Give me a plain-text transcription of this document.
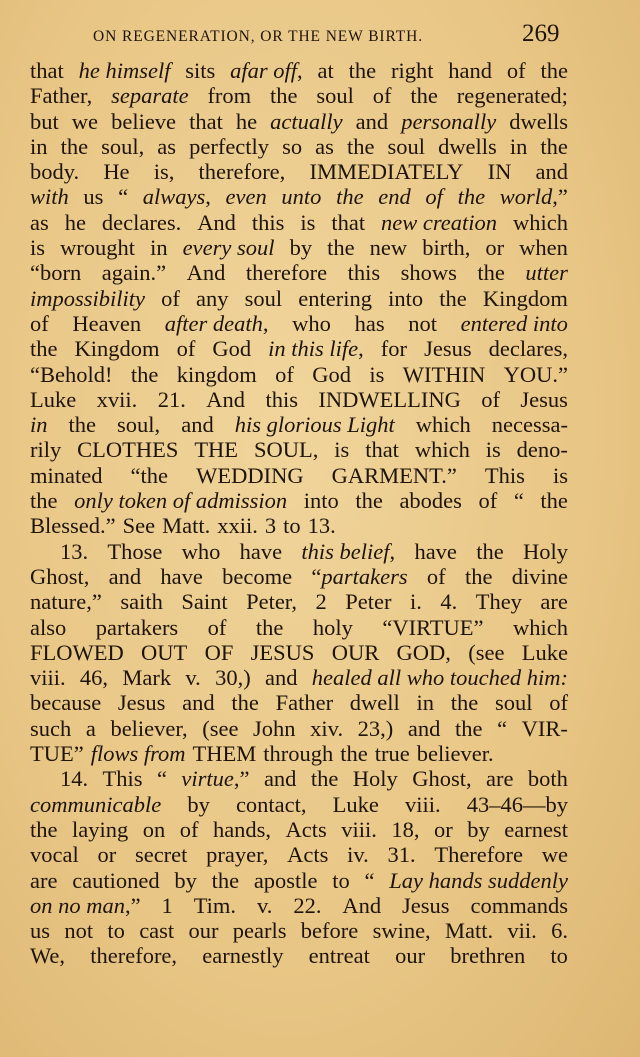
ON REGENERATION, OR THE NEW BIRTH.	269
that he himself sits afar off, at the right hand of the
Father, separate from the soul of the regenerated;
but we believe that he actually and personally dwells
in the soul, as perfectly so as the soul dwells in the
body. He is, therefore, IMMEDIATELY IN and
with us “ always, even unto the end of the world,”
as he declares. And this is that new creation which
is wrought in every soul by the new birth, or when
“born again.” And therefore this shows the utter
impossibility of any soul entering into the Kingdom
of Heaven after death, who has not entered into
the Kingdom of God in this life, for Jesus declares,
“Behold! the kingdom of God is WITHIN YOU.”
Luke xvii. 21. And this INDWELLING of Jesus
in the soul, and his glorious Light which necessa-
rily CLOTHES THE SOUL, is that which is deno-
minated “the WEDDING GARMENT.” This is
the only token of admission into the abodes of “ the
Blessed.” See Matt. xxii. 3 to 13.
13. Those who have this belief, have the Holy
Ghost, and have become “partakers of the divine
nature,” saith Saint Peter, 2 Peter i. 4. They are
also partakers of the holy “VIRTUE” which
FLOWED OUT OF JESUS OUR GOD, (see Luke
viii. 46, Mark v. 30,) and healed all who touched him:
because Jesus and the Father dwell in the soul of
such a believer, (see John xiv. 23,) and the “ VIR-
TUE” flows from THEM through the true believer.
14. This “ virtue,” and the Holy Ghost, are both
communicable by contact, Luke viii. 43–46—by
the laying on of hands, Acts viii. 18, or by earnest
vocal or secret prayer, Acts iv. 31. Therefore we
are cautioned by the apostle to “ Lay hands suddenly
on no man,” 1 Tim. v. 22. And Jesus commands
us not to cast our pearls before swine, Matt. vii. 6.
We, therefore, earnestly entreat our brethren to
